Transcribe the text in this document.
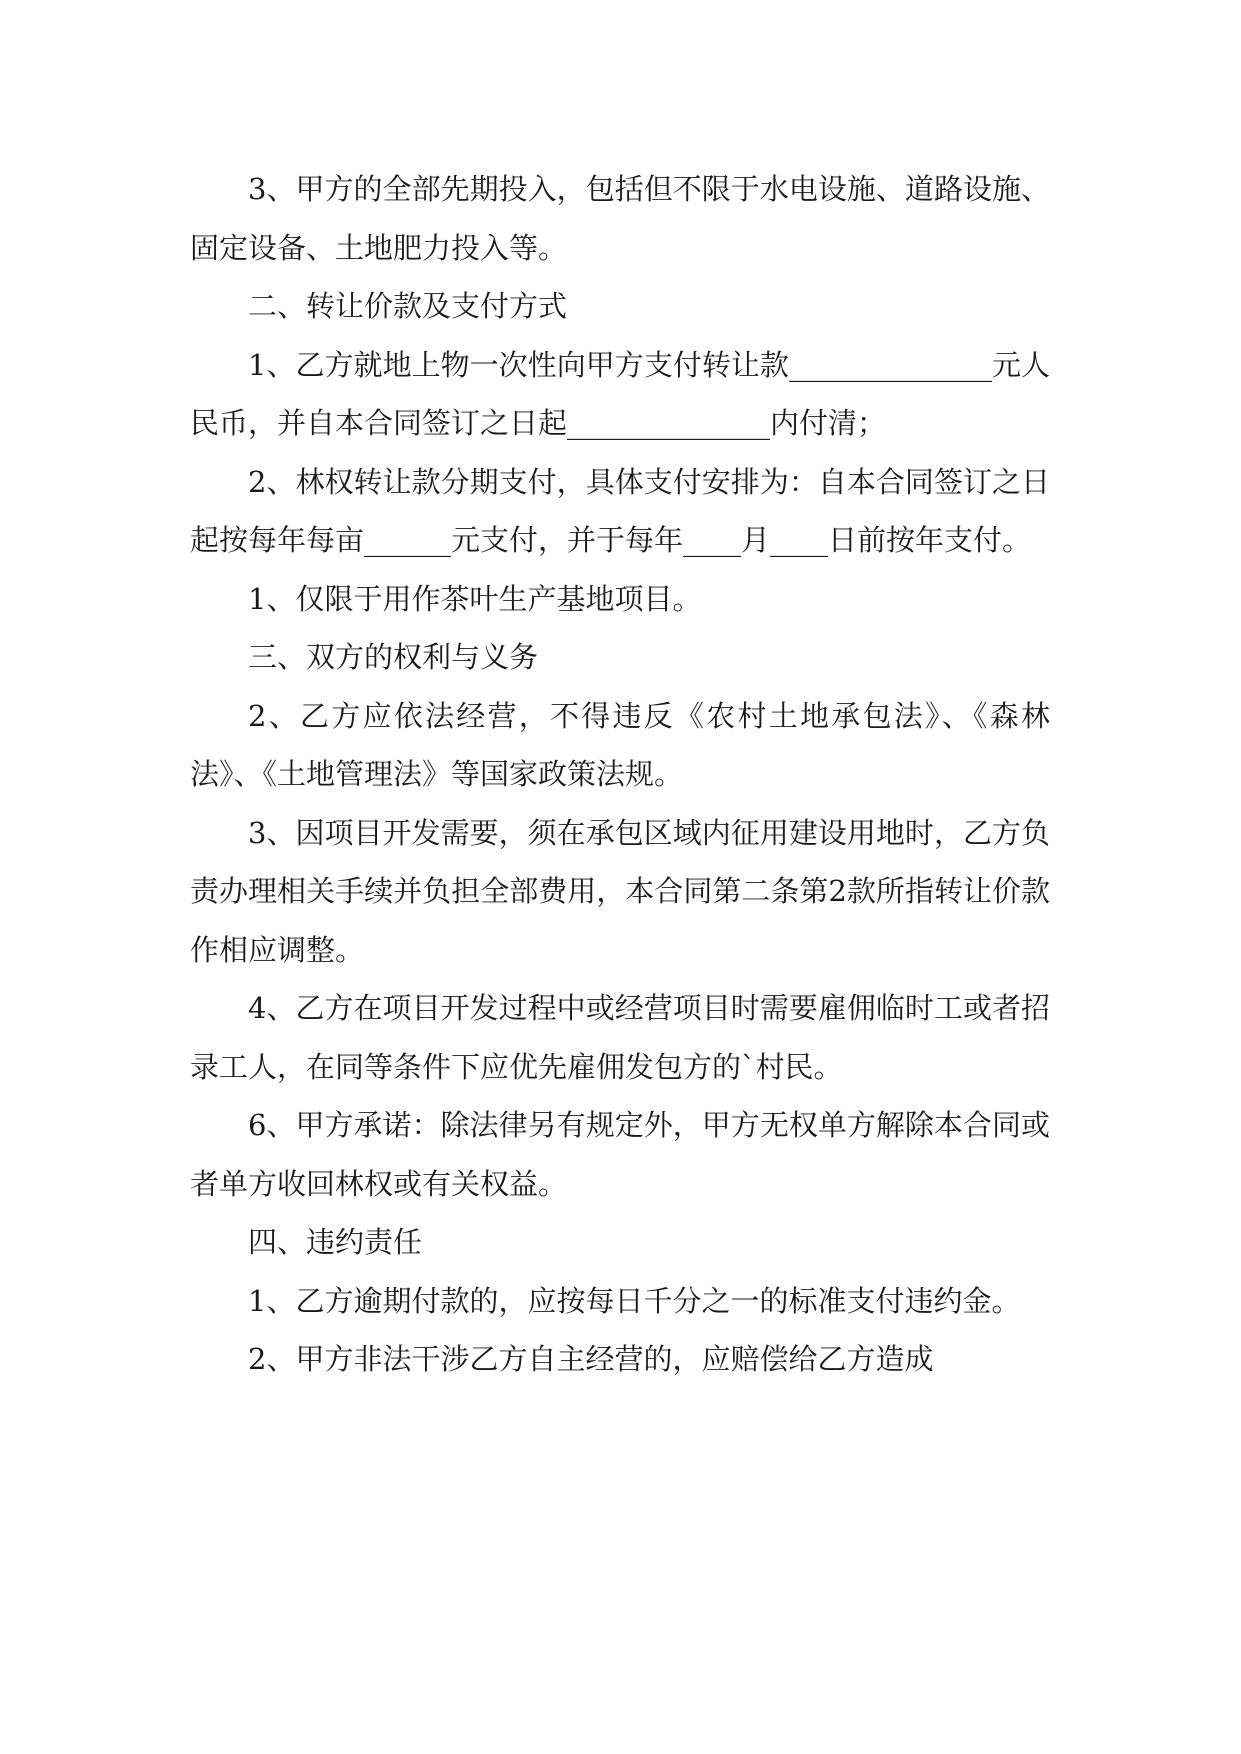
3、甲方的全部先期投入，包括但不限于水电设施、道路设施、固定设备、土地肥力投入等。

二、转让价款及支付方式

1、乙方就地上物一次性向甲方支付转让款______________元人民币，并自本合同签订之日起______________内付清；

2、林权转让款分期支付，具体支付安排为：自本合同签订之日起按每年每亩______元支付，并于每年____月____日前按年支付。

1、仅限于用作茶叶生产基地项目。

三、双方的权利与义务

2、乙方应依法经营，不得违反《农村土地承包法》、《森林法》、《土地管理法》等国家政策法规。

3、因项目开发需要，须在承包区域内征用建设用地时，乙方负责办理相关手续并负担全部费用，本合同第二条第2款所指转让价款作相应调整。

4、乙方在项目开发过程中或经营项目时需要雇佣临时工或者招录工人，在同等条件下应优先雇佣发包方的`村民。

6、甲方承诺：除法律另有规定外，甲方无权单方解除本合同或者单方收回林权或有关权益。

四、违约责任

1、乙方逾期付款的，应按每日千分之一的标准支付违约金。

2、甲方非法干涉乙方自主经营的，应赔偿给乙方造成
